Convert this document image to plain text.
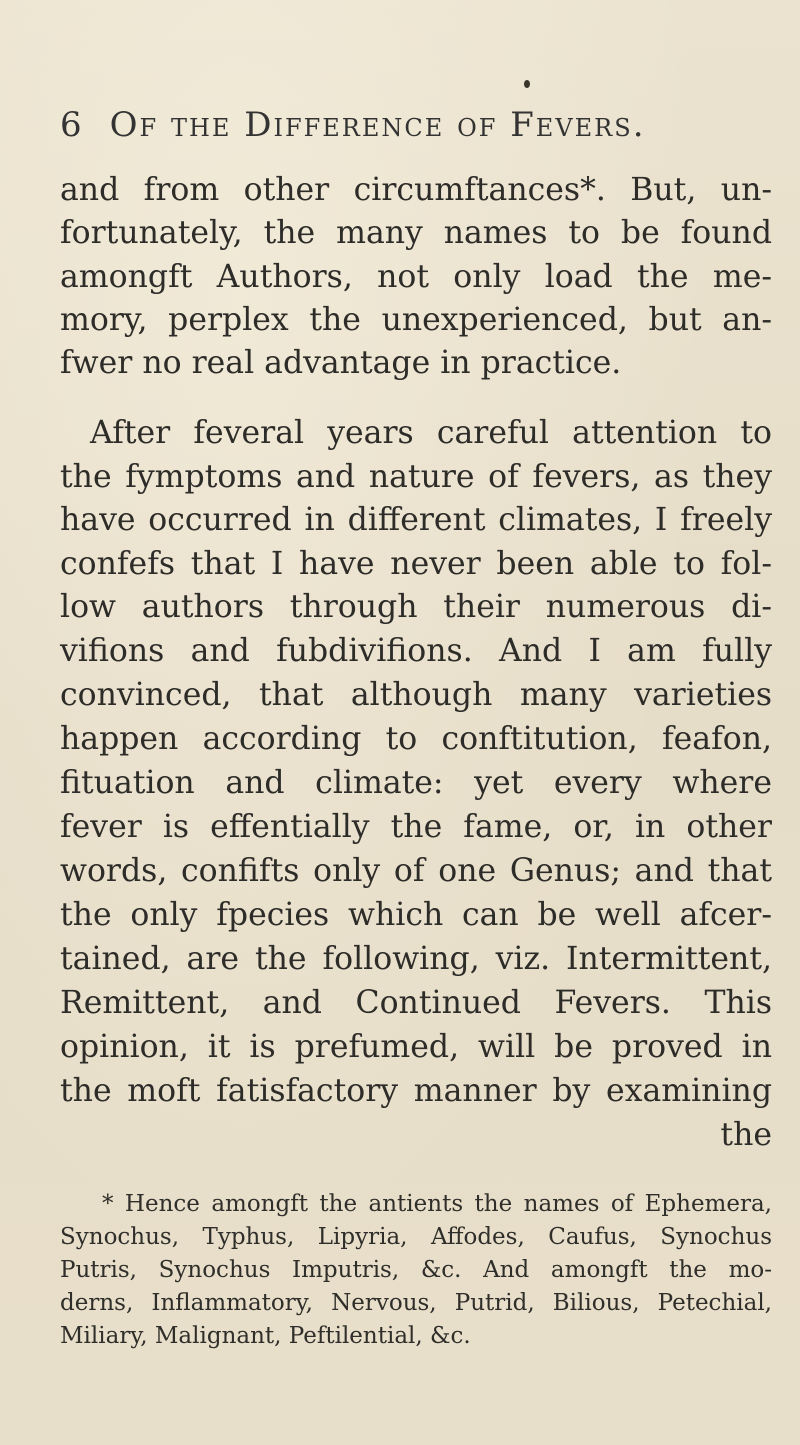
6 Of the Difference of Fevers.
and from other circumftances*. But, un-
fortunately, the many names to be found
amongft Authors, not only load the me-
mory, perplex the unexperienced, but an-
fwer no real advantage in practice.
After feveral years careful attention to
the fymptoms and nature of fevers, as they
have occurred in different climates, I freely
confefs that I have never been able to fol-
low authors through their numerous di-
vifions and fubdivifions. And I am fully
convinced, that although many varieties
happen according to conftitution, feafon,
fituation and climate: yet every where
fever is effentially the fame, or, in other
words, confifts only of one Genus; and that
the only fpecies which can be well afcer-
tained, are the following, viz. Intermittent,
Remittent, and Continued Fevers. This
opinion, it is prefumed, will be proved in
the moft fatisfactory manner by examining
the
* Hence amongft the antients the names of Ephemera,
Synochus, Typhus, Lipyria, Affodes, Caufus, Synochus
Putris, Synochus Imputris, &c. And amongft the mo-
derns, Inflammatory, Nervous, Putrid, Bilious, Petechial,
Miliary, Malignant, Peftilential, &c.
